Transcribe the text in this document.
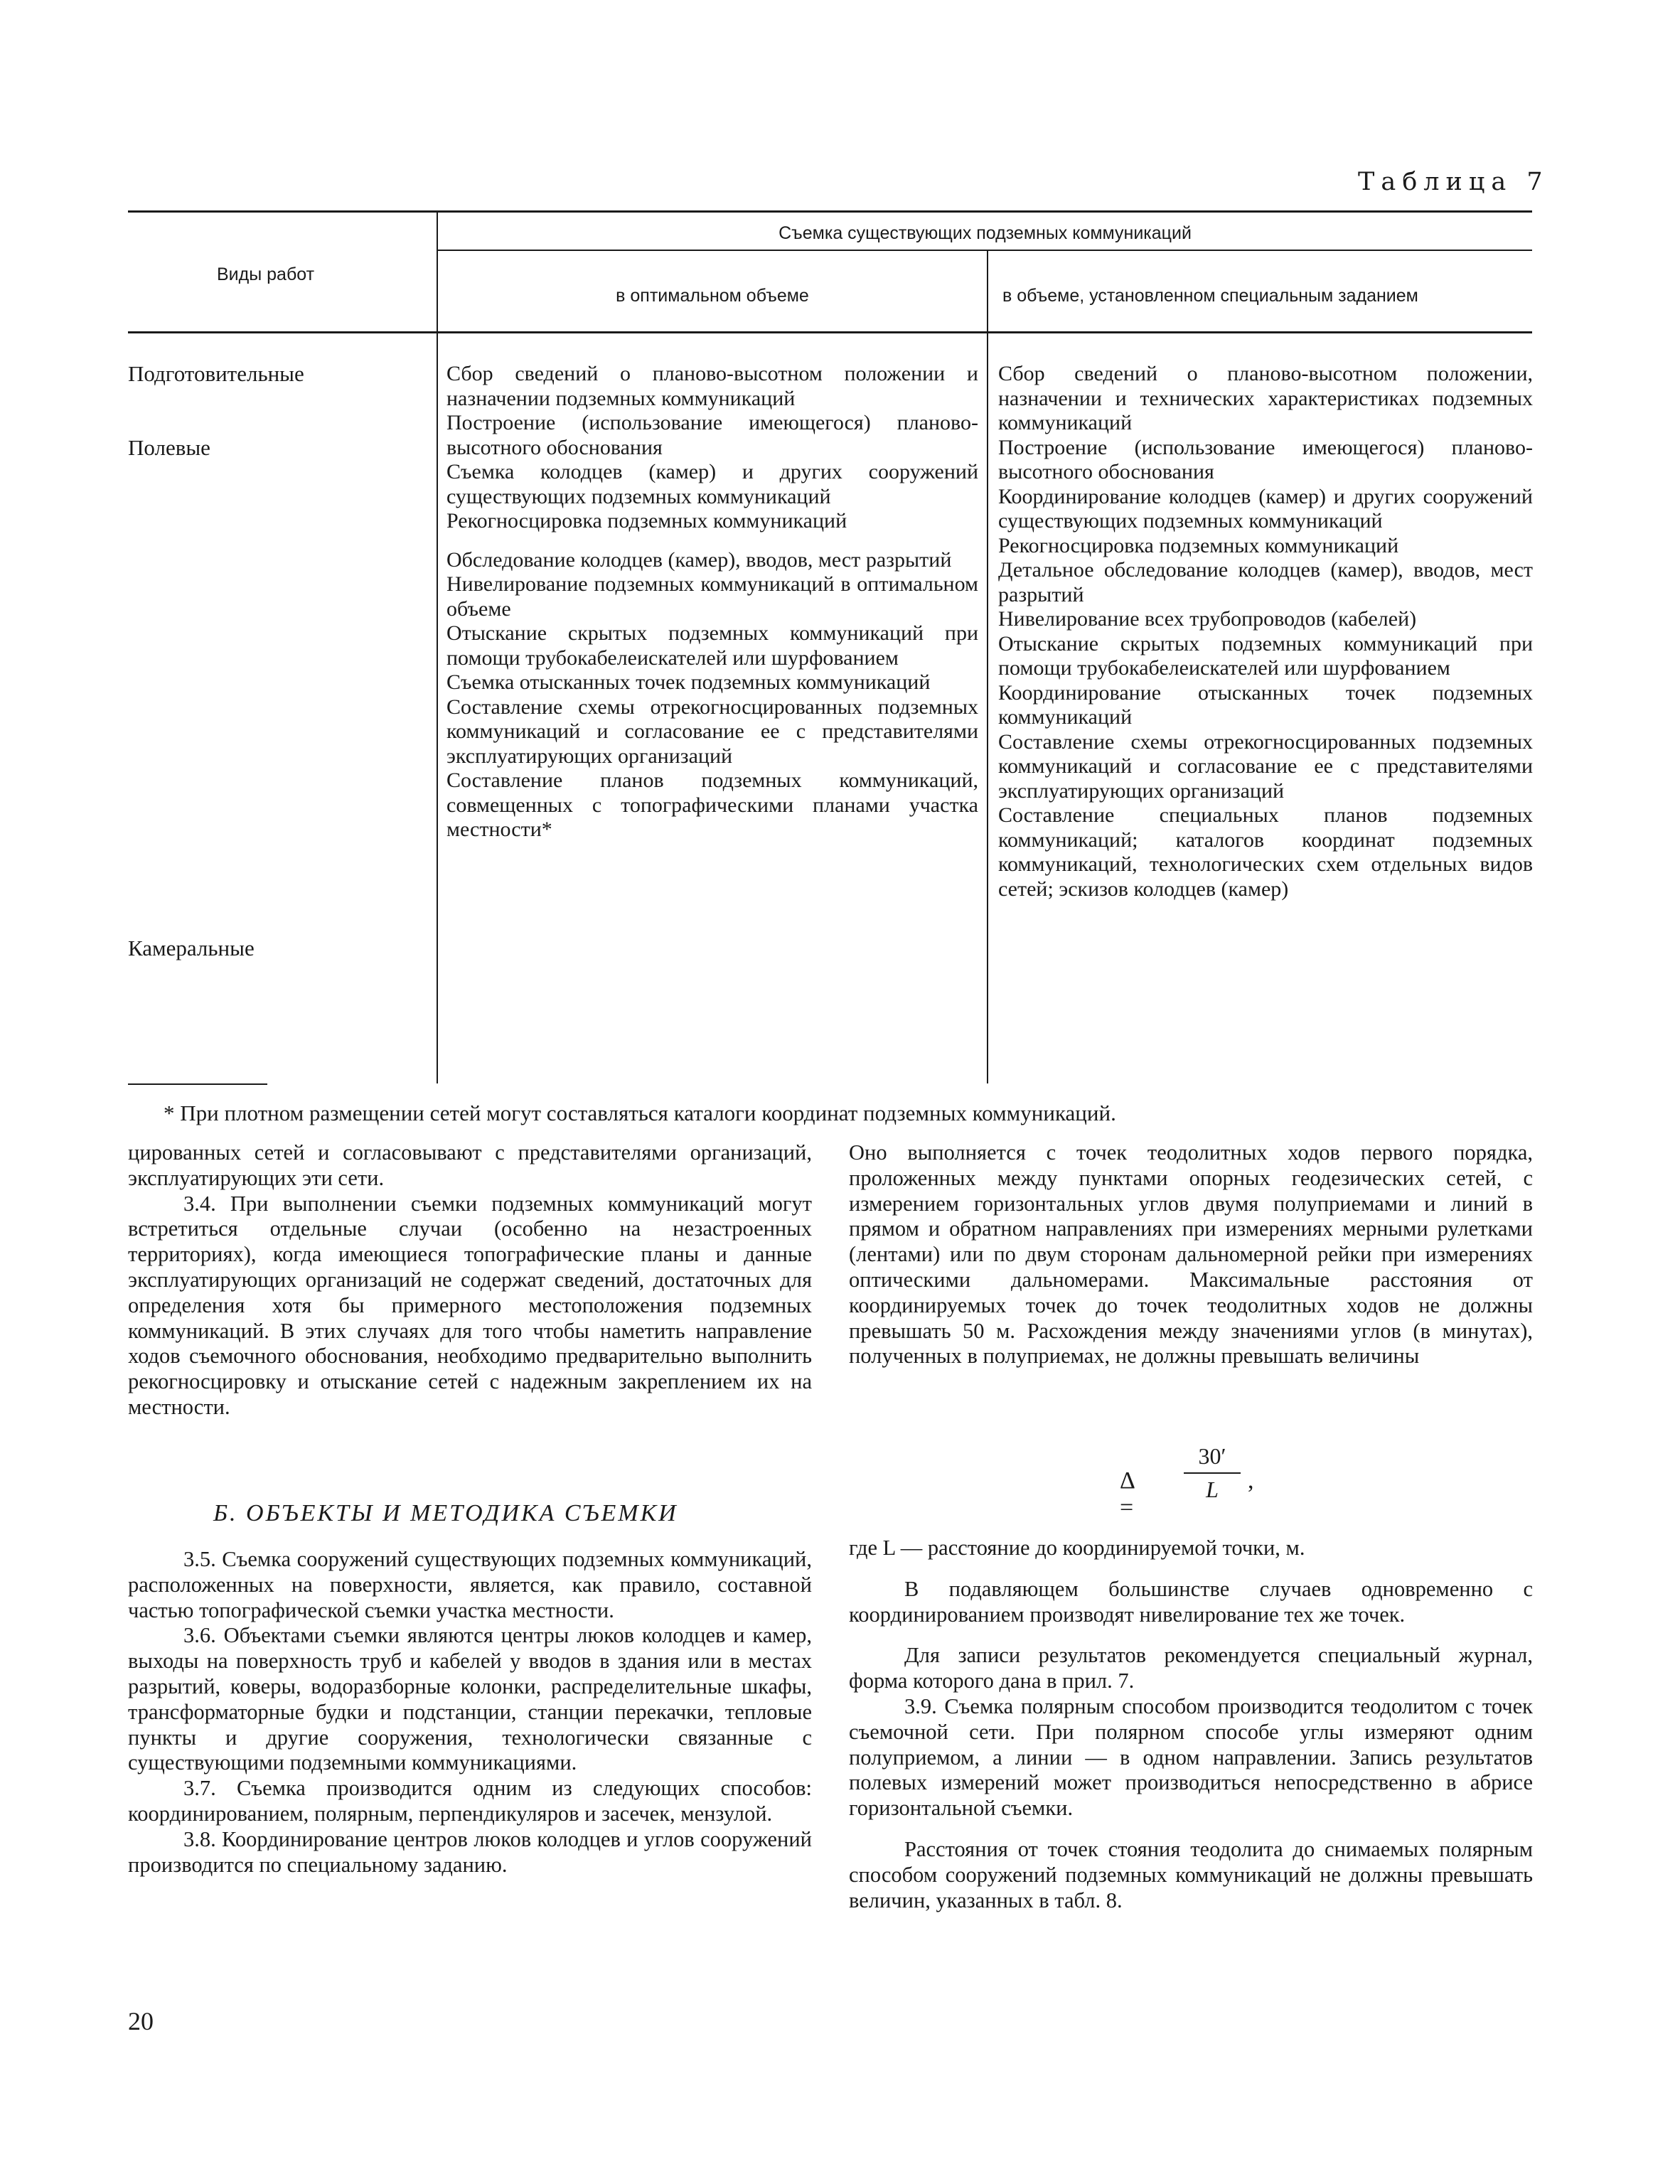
Таблица 7
Виды работ
Съемка существующих подземных коммуникаций
в оптимальном объеме	в объеме, установленном специальным заданием
Подготовительные
Полевые
Камеральные
Сбор сведений о планово-высотном положении и назначении подземных коммуникаций
Построение (использование имеющегося) планово-высотного обоснования
Съемка колодцев (камер) и других сооружений существующих подземных коммуникаций
Рекогносцировка подземных коммуникаций
Обследование колодцев (камер), вводов, мест разрытий
Нивелирование подземных коммуникаций в оптимальном объеме
Отыскание скрытых подземных коммуникаций при помощи трубокабелеискателей или шурфованием
Съемка отысканных точек подземных коммуникаций
Составление схемы отрекогносцированных подземных коммуникаций и согласование ее с представителями эксплуатирующих организаций
Составление планов подземных коммуникаций, совмещенных с топографическими планами участка местности*
Сбор сведений о планово-высотном положении, назначении и технических характеристиках подземных коммуникаций
Построение (использование имеющегося) планово-высотного обоснования
Координирование колодцев (камер) и других сооружений существующих подземных коммуникаций
Рекогносцировка подземных коммуникаций
Детальное обследование колодцев (камер), вводов, мест разрытий
Нивелирование всех трубопроводов (кабелей)
Отыскание скрытых подземных коммуникаций при помощи трубокабелеискателей или шурфованием
Координирование отысканных точек подземных коммуникаций
Составление схемы отрекогносцированных подземных коммуникаций и согласование ее с представителями эксплуатирующих организаций
Составление специальных планов подземных коммуникаций; каталогов координат подземных коммуникаций, технологических схем отдельных видов сетей; эскизов колодцев (камер)
* При плотном размещении сетей могут составляться каталоги координат подземных коммуникаций.

цированных сетей и согласовывают с представителями организаций, эксплуатирующих эти сети.

3.4. При выполнении съемки подземных коммуникаций могут встретиться отдельные случаи (особенно на незастроенных территориях), когда имеющиеся топографические планы и данные эксплуатирующих организаций не содержат сведений, достаточных для определения хотя бы примерного местоположения подземных коммуникаций. В этих случаях для того чтобы наметить направление ходов съемочного обоснования, необходимо предварительно выполнить рекогносцировку и отыскание сетей с надежным закреплением их на местности.

Б. ОБЪЕКТЫ И МЕТОДИКА СЪЕМКИ

3.5. Съемка сооружений существующих подземных коммуникаций, расположенных на поверхности, является, как правило, составной частью топографической съемки участка местности.

3.6. Объектами съемки являются центры люков колодцев и камер, выходы на поверхность труб и кабелей у вводов в здания или в местах разрытий, коверы, водоразборные колонки, распределительные шкафы, трансформаторные будки и подстанции, станции перекачки, тепловые пункты и другие сооружения, технологически связанные с существующими подземными коммуникациями.

3.7. Съемка производится одним из следующих способов: координированием, полярным, перпендикуляров и засечек, мензулой.

3.8. Координирование центров люков колодцев и углов сооружений производится по специальному заданию.

Оно выполняется с точек теодолитных ходов первого порядка, проложенных между пунктами опорных геодезических сетей, с измерением горизонтальных углов двумя полуприемами и линий в прямом и обратном направлениях при измерениях мерными рулетками (лентами) или по двум сторонам дальномерной рейки при измерениях оптическими дальномерами. Максимальные расстояния от координируемых точек до точек теодолитных ходов не должны превышать 50 м. Расхождения между значениями углов (в минутах), полученных в полуприемах, не должны превышать величины

Δ =
30′
L	,

где L — расстояние до координируемой точки, м.

В подавляющем большинстве случаев одновременно с координированием производят нивелирование тех же точек.

Для записи результатов рекомендуется специальный журнал, форма которого дана в прил. 7.

3.9. Съемка полярным способом производится теодолитом с точек съемочной сети. При полярном способе углы измеряют одним полуприемом, а линии — в одном направлении. Запись результатов полевых измерений может производиться непосредственно в абрисе горизонтальной съемки.

Расстояния от точек стояния теодолита до снимаемых полярным способом сооружений подземных коммуникаций не должны превышать величин, указанных в табл. 8.

20
